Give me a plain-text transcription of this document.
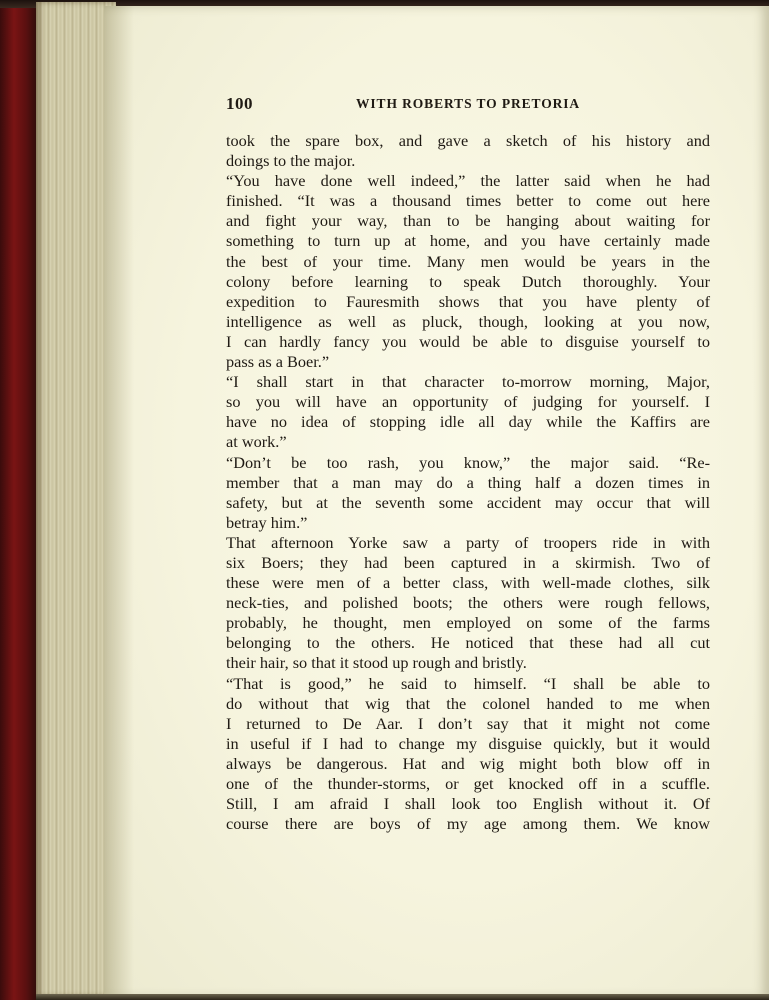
100	WITH ROBERTS TO PRETORIA
took the spare box, and gave a sketch of his history and
doings to the major.
“You have done well indeed,” the latter said when he had
finished. “It was a thousand times better to come out here
and fight your way, than to be hanging about waiting for
something to turn up at home, and you have certainly made
the best of your time. Many men would be years in the
colony before learning to speak Dutch thoroughly. Your
expedition to Fauresmith shows that you have plenty of
intelligence as well as pluck, though, looking at you now,
I can hardly fancy you would be able to disguise yourself to
pass as a Boer.”
“I shall start in that character to-morrow morning, Major,
so you will have an opportunity of judging for yourself. I
have no idea of stopping idle all day while the Kaffirs are
at work.”
“Don’t be too rash, you know,” the major said. “Re-
member that a man may do a thing half a dozen times in
safety, but at the seventh some accident may occur that will
betray him.”
That afternoon Yorke saw a party of troopers ride in with
six Boers; they had been captured in a skirmish. Two of
these were men of a better class, with well-made clothes, silk
neck-ties, and polished boots; the others were rough fellows,
probably, he thought, men employed on some of the farms
belonging to the others. He noticed that these had all cut
their hair, so that it stood up rough and bristly.
“That is good,” he said to himself. “I shall be able to
do without that wig that the colonel handed to me when
I returned to De Aar. I don’t say that it might not come
in useful if I had to change my disguise quickly, but it would
always be dangerous. Hat and wig might both blow off in
one of the thunder-storms, or get knocked off in a scuffle.
Still, I am afraid I shall look too English without it. Of
course there are boys of my age among them. We know
